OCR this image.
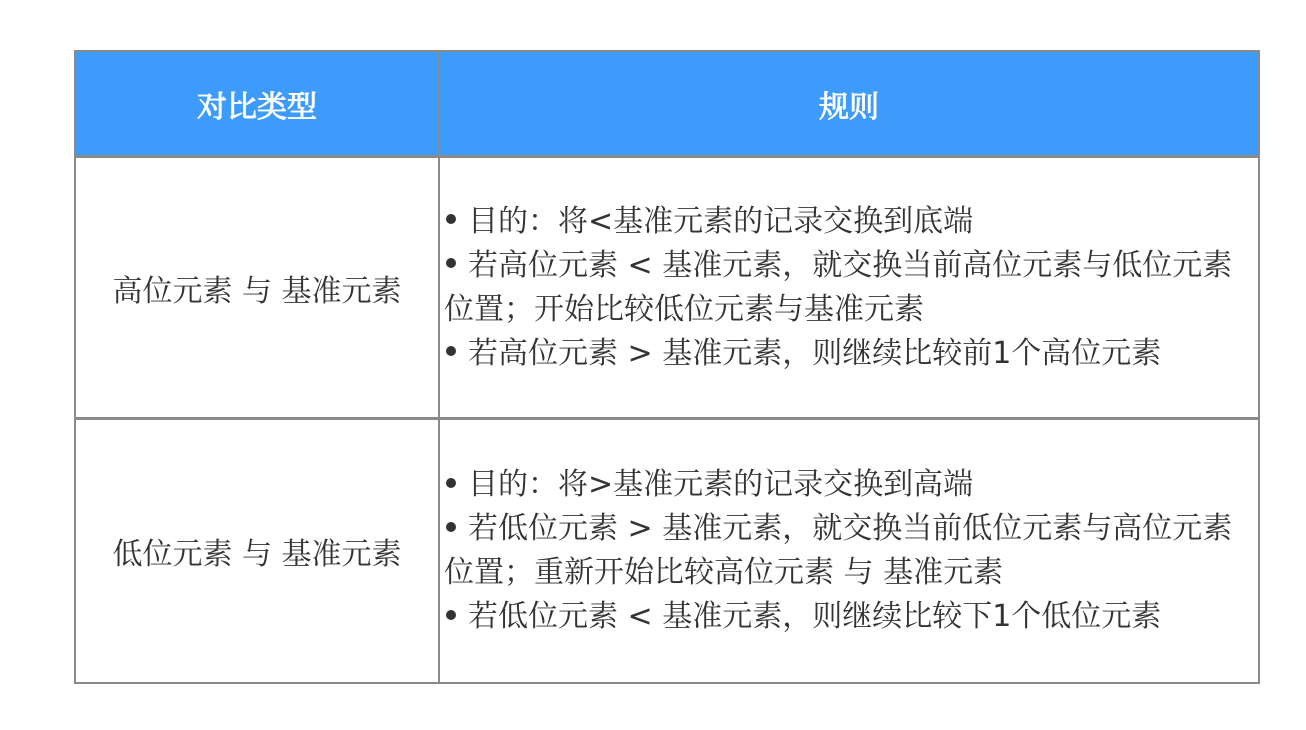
对比类型	规则
高位元素 与 基准元素
目的：将<基准元素的记录交换到底端
若高位元素 < 基准元素，就交换当前高位元素与低位元素 位置；开始比较低位元素与基准元素
若高位元素 > 基准元素，则继续比较前1个高位元素
低位元素 与 基准元素
目的：将>基准元素的记录交换到高端
若低位元素 > 基准元素，就交换当前低位元素与高位元素位置；重新开始比较高位元素 与 基准元素
若低位元素 < 基准元素，则继续比较下1个低位元素
